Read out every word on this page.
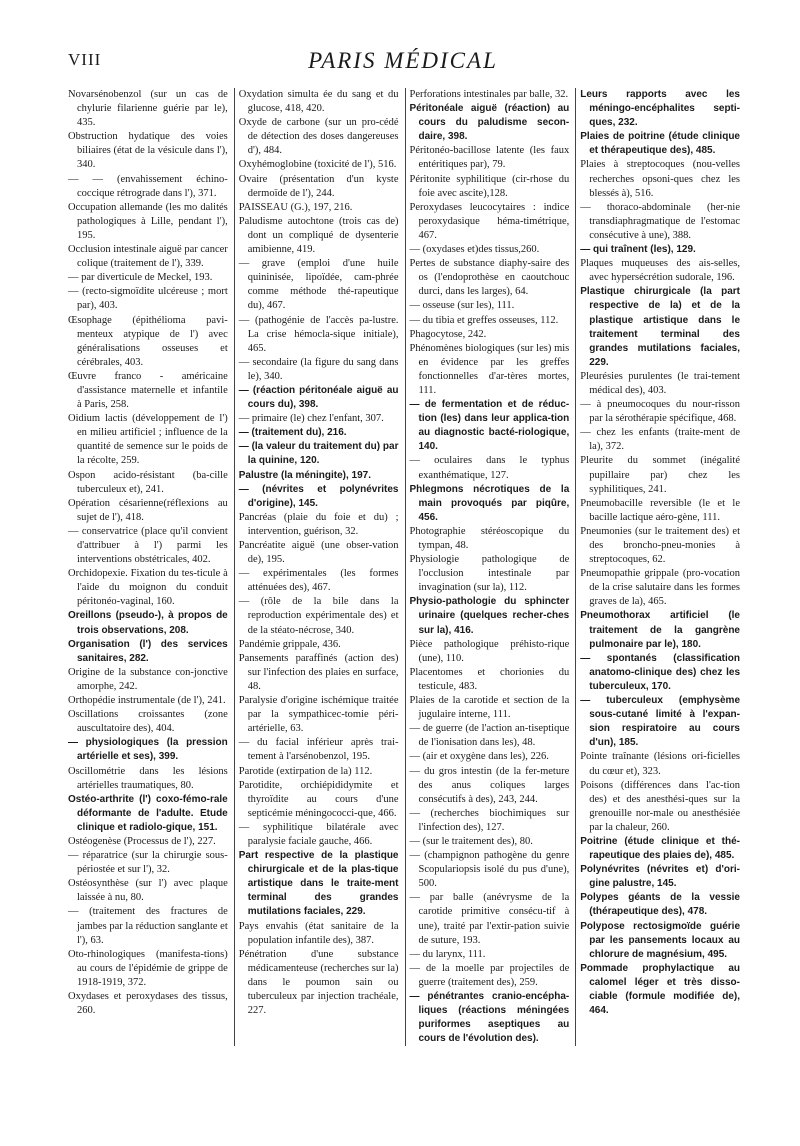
VIII	PARIS MÉDICAL

Novarsénobenzol (sur un cas de chylurie filarienne guérie par le), 435.

Obstruction hydatique des voies biliaires (état de la vésicule dans l'), 340.

— — (envahissement échino-coccique rétrograde dans l'), 371.

Occupation allemande (les mo dalités pathologiques à Lille, pendant l'), 195.

Occlusion intestinale aiguë par cancer colique (traitement de l'), 339.

— par diverticule de Meckel, 193.

— (recto-sigmoïdite ulcéreuse ; mort par), 403.

Œsophage (épithélioma pavi-menteux atypique de l') avec généralisations osseuses et cérébrales, 403.

Œuvre franco - américaine d'assistance maternelle et infantile à Paris, 258.

Oidium lactis (développement de l') en milieu artificiel ; influence de la quantité de semence sur le poids de la récolte, 259.

Ospon acido-résistant (ba-cille tuberculeux et), 241.

Opération césarienne(réflexions au sujet de l'), 418.

— conservatrice (place qu'il convient d'attribuer à l') parmi les interventions obstétricales, 402.

Orchidopexie. Fixation du tes-ticule à l'aide du moignon du conduit péritonéo-vaginal, 160.

Oreillons (pseudo-), à propos de trois observations, 208.

Organisation (l') des services sanitaires, 282.

Origine de la substance con-jonctive amorphe, 242.

Orthopédie instrumentale (de l'), 241.

Oscillations croissantes (zone auscultatoire des), 404.

— physiologiques (la pression artérielle et ses), 399.

Oscillométrie dans les lésions artérielles traumatiques, 80.

Ostéo-arthrite (l') coxo-fémo-rale déformante de l'adulte. Etude clinique et radiolo-gique, 151.

Ostéogenèse (Processus de l'), 227.

— réparatrice (sur la chirurgie sous-périostée et sur l'), 32.

Ostéosynthèse (sur l') avec plaque laissée à nu, 80.

— (traitement des fractures de jambes par la réduction sanglante et l'), 63.

Oto-rhinologiques (manifesta-tions) au cours de l'épidémie de grippe de 1918-1919, 372.

Oxydases et peroxydases des tissus, 260.

Oxydation simulta ée du sang et du glucose, 418, 420.

Oxyde de carbone (sur un pro-cédé de détection des doses dangereuses d'), 484.

Oxyhémoglobine (toxicité de l'), 516.

Ovaire (présentation d'un kyste dermoïde de l'), 244.

PAISSEAU (G.), 197, 216.

Paludisme autochtone (trois cas de) dont un compliqué de dysenterie amibienne, 419.

— grave (emploi d'une huile quininisée, lipoïdée, cam-phrée comme méthode thé-rapeutique du), 467.

— (pathogénie de l'accès pa-lustre. La crise hémocla-sique initiale), 465.

— secondaire (la figure du sang dans le), 340.

— (réaction péritonéale aiguë au cours du), 398.

— primaire (le) chez l'enfant, 307.

— (traitement du), 216.

— (la valeur du traitement du) par la quinine, 120.

Palustre (la méningite), 197.

— (névrites et polynévrites d'origine), 145.

Pancréas (plaie du foie et du) ; intervention, guérison, 32.

Pancréatite aiguë (une obser-vation de), 195.

— expérimentales (les formes atténuées des), 467.

— (rôle de la bile dans la reproduction expérimentale des) et de la stéato-nécrose, 340.

Pandémie grippale, 436.

Pansements paraffinés (action des) sur l'infection des plaies en surface, 48.

Paralysie d'origine ischémique traitée par la sympathicec-tomie péri-artérielle, 63.

— du facial inférieur après trai-tement à l'arsénobenzol, 195.

Parotide (extirpation de la) 112.

Parotidite, orchiépididymite et thyroïdite au cours d'une septicémie méningococci-que, 466.

— syphilitique bilatérale avec paralysie faciale gauche, 466.

Part respective de la plastique chirurgicale et de la plas-tique artistique dans le traite-ment terminal des grandes mutilations faciales, 229.

Pays envahis (état sanitaire de la population infantile des), 387.

Pénétration d'une substance médicamenteuse (recherches sur la) dans le poumon sain ou tuberculeux par injection trachéale, 227.

Perforations intestinales par balle, 32.

Péritonéale aiguë (réaction) au cours du paludisme secon-daire, 398.

Péritonéo-bacillose latente (les faux entéritiques par), 79.

Péritonite syphilitique (cir-rhose du foie avec ascite),128.

Peroxydases leucocytaires : indice peroxydasique héma-timétrique, 467.

— (oxydases et)des tissus,260.

Pertes de substance diaphy-saire des os (l'endoprothèse en caoutchouc durci, dans les larges), 64.

— osseuse (sur les), 111.

— du tibia et greffes osseuses, 112.

Phagocytose, 242.

Phénomènes biologiques (sur les) mis en évidence par les greffes fonctionnelles d'ar-tères mortes, 111.

— de fermentation et de réduc-tion (les) dans leur applica-tion au diagnostic bacté-riologique, 140.

— oculaires dans le typhus exanthématique, 127.

Phlegmons nécrotiques de la main provoqués par piqûre, 456.

Photographie stéréoscopique du tympan, 48.

Physiologie pathologique de l'occlusion intestinale par invagination (sur la), 112.

Physio-pathologie du sphincter urinaire (quelques recher-ches sur la), 416.

Pièce pathologique préhisto-rique (une), 110.

Placentomes et chorionies du testicule, 483.

Plaies de la carotide et section de la jugulaire interne, 111.

— de guerre (de l'action an-tiseptique de l'ionisation dans les), 48.

— (air et oxygène dans les), 226.

— du gros intestin (de la fer-meture des anus coliques larges consécutifs à des), 243, 244.

— (recherches biochimiques sur l'infection des), 127.

— (sur le traitement des), 80.

— (champignon pathogène du genre Scopulariopsis isolé du pus d'une), 500.

— par balle (anévrysme de la carotide primitive consécu-tif à une), traité par l'extir-pation suivie de suture, 193.

— du larynx, 111.

— de la moelle par projectiles de guerre (traitement des), 259.

— pénétrantes cranio-encépha-liques (réactions méningées puriformes aseptiques au cours de l'évolution des).

Leurs rapports avec les méningo-encéphalites septi-ques, 232.

Plaies de poitrine (étude clinique et thérapeutique des), 485.

Plaies à streptocoques (nou-velles recherches opsoni-ques chez les blessés à), 516.

— thoraco-abdominale (her-nie transdiaphragmatique de l'estomac consécutive à une), 388.

— qui traînent (les), 129.

Plaques muqueuses des ais-selles, avec hypersécrétion sudorale, 196.

Plastique chirurgicale (la part respective de la) et de la plastique artistique dans le traitement terminal des grandes mutilations faciales, 229.

Pleurésies purulentes (le trai-tement médical des), 403.

— à pneumocoques du nour-risson par la sérothérapie spécifique, 468.

— chez les enfants (traite-ment de la), 372.

Pleurite du sommet (inégalité pupillaire par) chez les syphilitiques, 241.

Pneumobacille reversible (le et le bacille lactique aéro-gène, 111.

Pneumonies (sur le traitement des) et des broncho-pneu-monies à streptocoques, 62.

Pneumopathie grippale (pro-vocation de la crise salutaire dans les formes graves de la), 465.

Pneumothorax artificiel (le traitement de la gangrène pulmonaire par le), 180.

— spontanés (classification anatomo-clinique des) chez les tuberculeux, 170.

— tuberculeux (emphysème sous-cutané limité à l'expan-sion respiratoire au cours d'un), 185.

Pointe traînante (lésions ori-ficielles du cœur et), 323.

Poisons (différences dans l'ac-tion des) et des anesthési-ques sur la grenouille nor-male ou anesthésiée par la chaleur, 260.

Poitrine (étude clinique et thé-rapeutique des plaies de), 485.

Polynévrites (névrites et) d'ori-gine palustre, 145.

Polypes géants de la vessie (thérapeutique des), 478.

Polypose rectosigmoïde guérie par les pansements locaux au chlorure de magnésium, 495.

Pommade prophylactique au calomel léger et très disso-ciable (formule modifiée de), 464.
